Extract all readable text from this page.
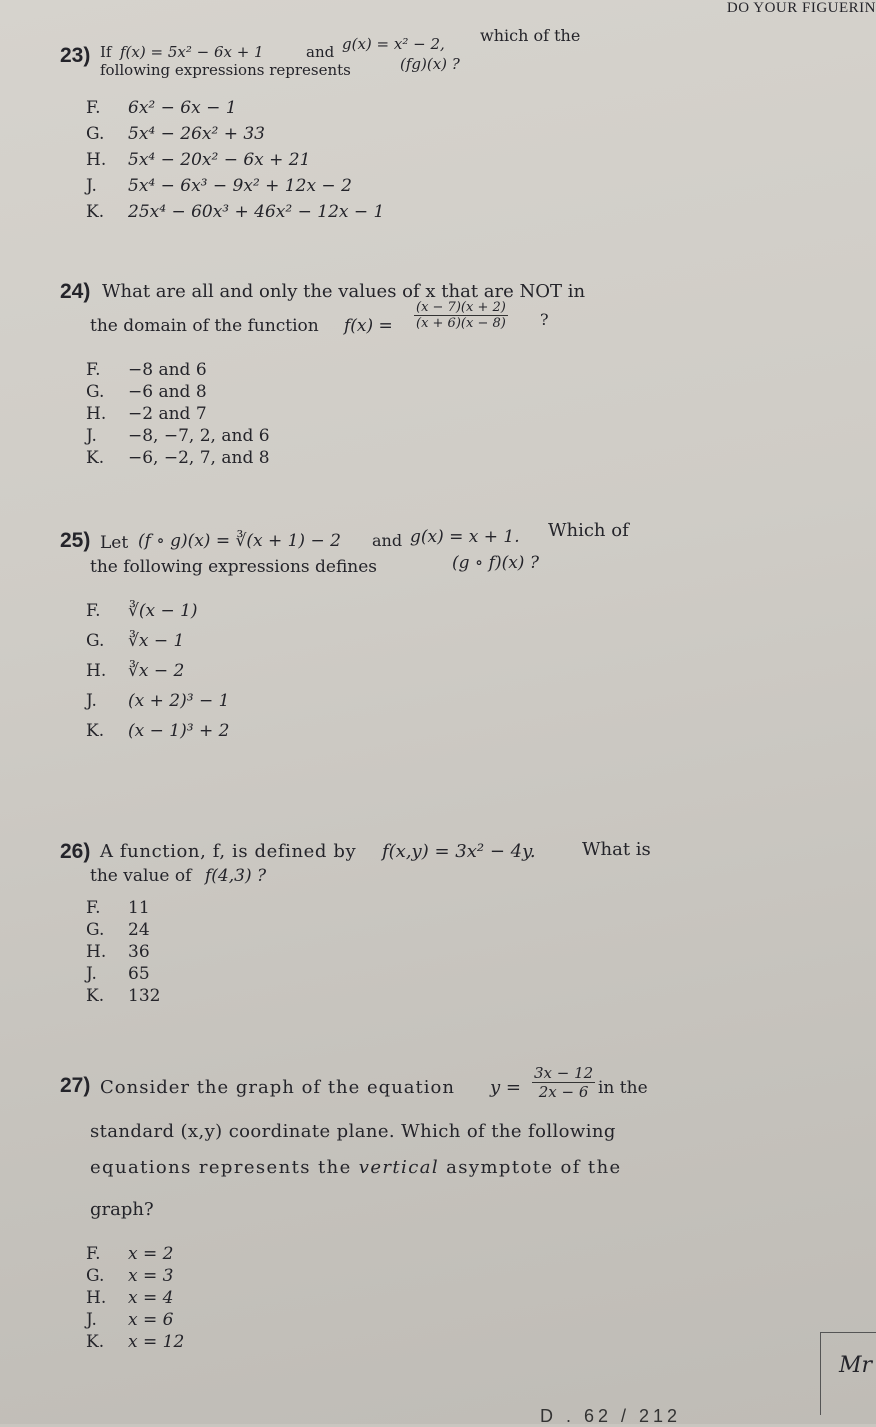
DO YOUR FIGUERIN
23) If f(x) = 5x² − 6x + 1	and g(x) = x² − 2, which of the
following expressions represents	(fg)(x) ?
F. 6x² − 6x − 1
G. 5x⁴ − 26x² + 33
H. 5x⁴ − 20x² − 6x + 21
J. 5x⁴ − 6x³ − 9x² + 12x − 2
K. 25x⁴ − 60x³ + 46x² − 12x − 1
24) What are all and only the values of x that are NOT in
the domain of the function $f(x) = \frac{(x - 7)(x + 2)}{(x + 6)(x - 8)}$ ?
F. −8 and 6
G. −6 and 8
H. −2 and 7
J. −8, −7, 2, and 6
K. −6, −2, 7, and 8
25) Let (f ∘ g)(x) = ∛(x + 1) − 2 and g(x) = x + 1. Which of
the following expressions defines	(g ∘ f)(x) ?
F. ∛(x − 1)
G. ∛x − 1
H. ∛x − 2
J. (x + 2)³ − 1
K. (x − 1)³ + 2
26) A function, f, is defined by f(x,y) = 3x² − 4y.	What is
the value of f(4,3) ?
F. 11
G. 24
H. 36
J. 65
K. 132
27) Consider the graph of the equation $y = \frac{3x - 12}{2x - 6}$ in the
standard (x,y) coordinate plane. Which of the following
equations represents the vertical asymptote of the
graph?
F. x = 2
G. x = 3
H. x = 4
J. x = 6
K. x = 12
Mr
D . 62 / 212
